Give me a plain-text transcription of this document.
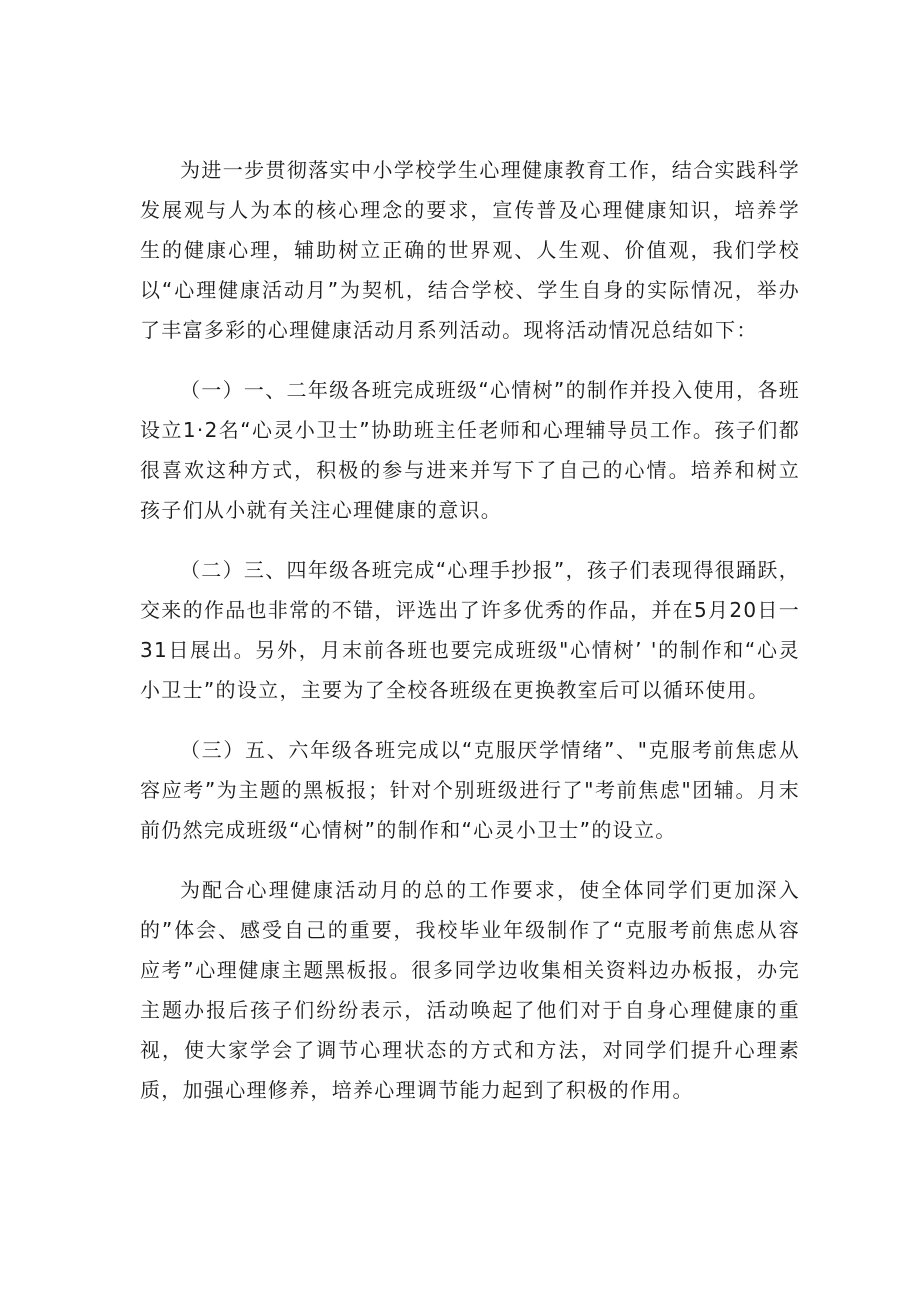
为进一步贯彻落实中小学校学生心理健康教育工作，结合实践科学发展观与人为本的核心理念的要求，宣传普及心理健康知识，培养学生的健康心理，辅助树立正确的世界观、人生观、价值观，我们学校以“心理健康活动月”为契机，结合学校、学生自身的实际情况，举办了丰富多彩的心理健康活动月系列活动。现将活动情况总结如下：

（一）一、二年级各班完成班级“心情树”的制作并投入使用，各班设立1·2名“心灵小卫士”协助班主任老师和心理辅导员工作。孩子们都很喜欢这种方式，积极的参与进来并写下了自己的心情。培养和树立孩子们从小就有关注心理健康的意识。

（二）三、四年级各班完成“心理手抄报”，孩子们表现得很踊跃，交来的作品也非常的不错，评选出了许多优秀的作品，并在5月20日一31日展出。另外，月末前各班也要完成班级"心情树’ '的制作和“心灵小卫士”的设立，主要为了全校各班级在更换教室后可以循环使用。

（三）五、六年级各班完成以“克服厌学情绪”、"克服考前焦虑从容应考”为主题的黑板报；针对个别班级进行了"考前焦虑"团辅。月末前仍然完成班级“心情树”的制作和“心灵小卫士”的设立。

为配合心理健康活动月的总的工作要求，使全体同学们更加深入的”体会、感受自己的重要，我校毕业年级制作了“克服考前焦虑从容应考”心理健康主题黑板报。很多同学边收集相关资料边办板报，办完主题办报后孩子们纷纷表示，活动唤起了他们对于自身心理健康的重视，使大家学会了调节心理状态的方式和方法，对同学们提升心理素质，加强心理修养，培养心理调节能力起到了积极的作用。
